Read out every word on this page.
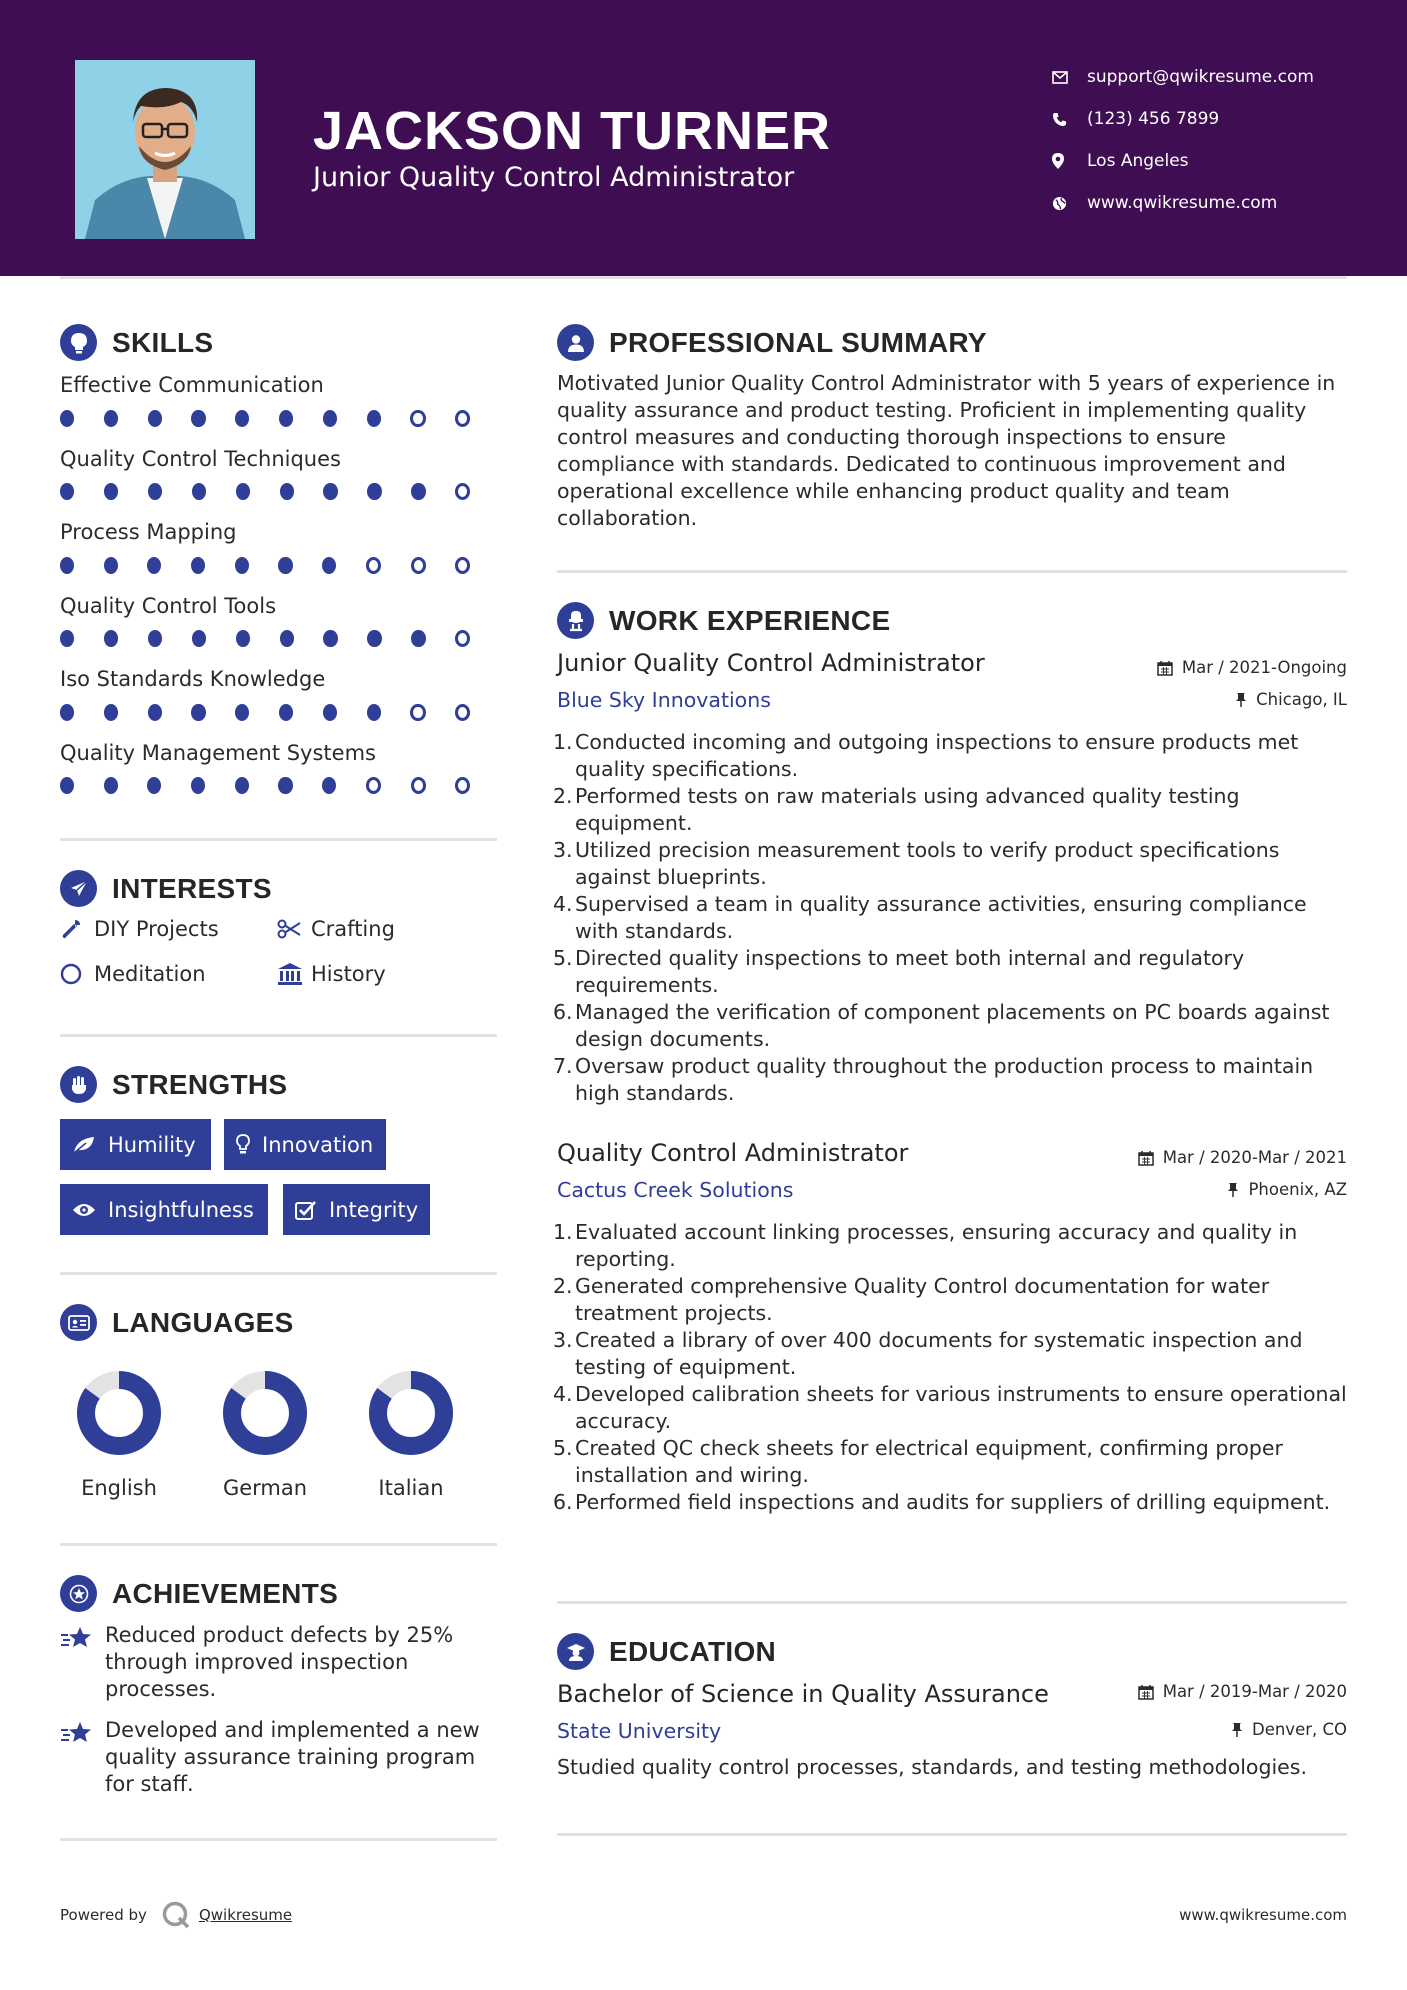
JACKSON TURNER
Junior Quality Control Administrator
support@qwikresume.com
(123) 456 7899
Los Angeles
www.qwikresume.com
SKILLS
Effective Communication
Quality Control Techniques
Process Mapping
Quality Control Tools
Iso Standards Knowledge
Quality Management Systems
INTERESTS
DIY Projects	Crafting
Meditation	History
STRENGTHS
Humility	Innovation
Insightfulness	Integrity
LANGUAGES
English	German	Italian
ACHIEVEMENTS
Reduced product defects by 25% through improved inspection processes.
Developed and implemented a new quality assurance training program for staff.
PROFESSIONAL SUMMARY
Motivated Junior Quality Control Administrator with 5 years of experience in quality assurance and product testing. Proficient in implementing quality control measures and conducting thorough inspections to ensure compliance with standards. Dedicated to continuous improvement and operational excellence while enhancing product quality and team collaboration.
WORK EXPERIENCE
Junior Quality Control Administrator	Mar / 2021-Ongoing
Blue Sky Innovations	Chicago, IL
1. Conducted incoming and outgoing inspections to ensure products met quality specifications.
2. Performed tests on raw materials using advanced quality testing equipment.
3. Utilized precision measurement tools to verify product specifications against blueprints.
4. Supervised a team in quality assurance activities, ensuring compliance with standards.
5. Directed quality inspections to meet both internal and regulatory requirements.
6. Managed the verification of component placements on PC boards against design documents.
7. Oversaw product quality throughout the production process to maintain high standards.
Quality Control Administrator	Mar / 2020-Mar / 2021
Cactus Creek Solutions	Phoenix, AZ
1. Evaluated account linking processes, ensuring accuracy and quality in reporting.
2. Generated comprehensive Quality Control documentation for water treatment projects.
3. Created a library of over 400 documents for systematic inspection and testing of equipment.
4. Developed calibration sheets for various instruments to ensure operational accuracy.
5. Created QC check sheets for electrical equipment, confirming proper installation and wiring.
6. Performed field inspections and audits for suppliers of drilling equipment.
EDUCATION
Bachelor of Science in Quality Assurance	Mar / 2019-Mar / 2020
State University	Denver, CO
Studied quality control processes, standards, and testing methodologies.
Powered by	Qwikresume	www.qwikresume.com
